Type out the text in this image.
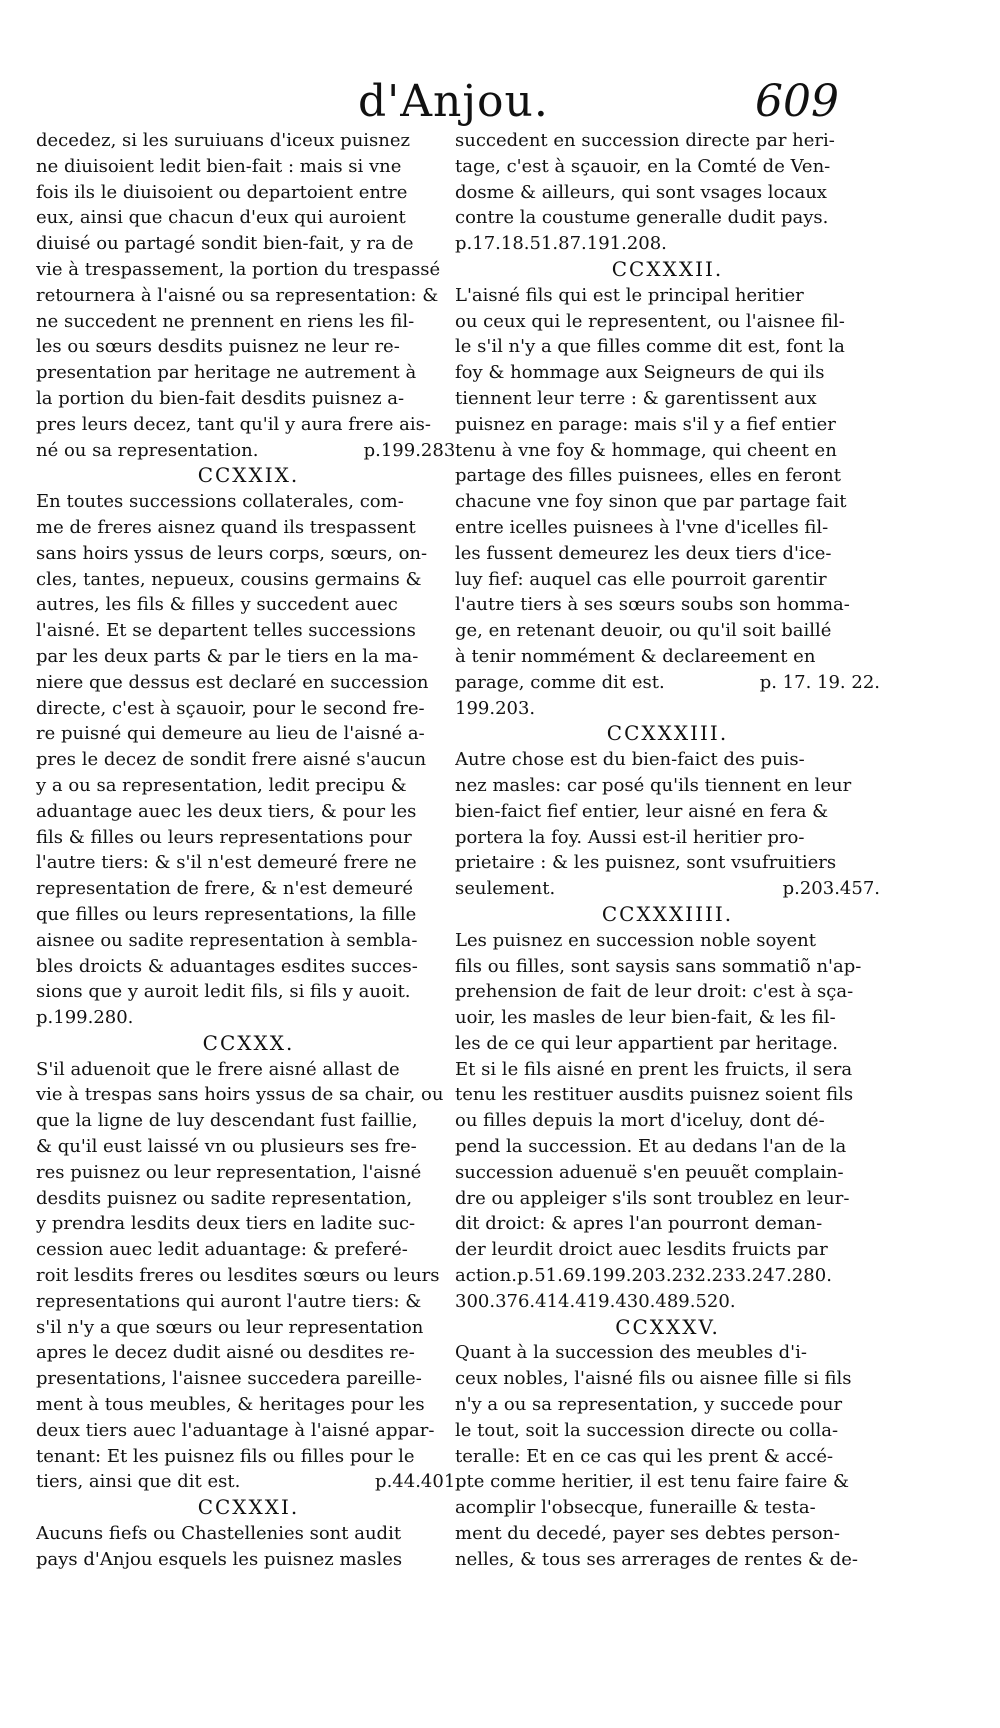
d'Anjou.	609
decedez, si les suruiuans d'iceux puisnez
ne diuisoient ledit bien-fait : mais si vne
fois ils le diuisoient ou departoient entre
eux, ainsi que chacun d'eux qui auroient
diuisé ou partagé sondit bien-fait, y ra de
vie à trespassement, la portion du trespassé
retournera à l'aisné ou sa representation: &
ne succedent ne prennent en riens les fil-
les ou sœurs desdits puisnez ne leur re-
presentation par heritage ne autrement à
la portion du bien-fait desdits puisnez a-
pres leurs decez, tant qu'il y aura frere ais-
né ou sa representation.	p.199.283.
CCXXIX.
En toutes successions collaterales, com-
me de freres aisnez quand ils trespassent
sans hoirs yssus de leurs corps, sœurs, on-
cles, tantes, nepueux, cousins germains &
autres, les fils & filles y succedent auec
l'aisné. Et se departent telles successions
par les deux parts & par le tiers en la ma-
niere que dessus est declaré en succession
directe, c'est à sçauoir, pour le second fre-
re puisné qui demeure au lieu de l'aisné a-
pres le decez de sondit frere aisné s'aucun
y a ou sa representation, ledit precipu &
aduantage auec les deux tiers, & pour les
fils & filles ou leurs representations pour
l'autre tiers: & s'il n'est demeuré frere ne
representation de frere, & n'est demeuré
que filles ou leurs representations, la fille
aisnee ou sadite representation à sembla-
bles droicts & aduantages esdites succes-
sions que y auroit ledit fils, si fils y auoit.
p.199.280.
CCXXX.
S'il aduenoit que le frere aisné allast de
vie à trespas sans hoirs yssus de sa chair, ou
que la ligne de luy descendant fust faillie,
& qu'il eust laissé vn ou plusieurs ses fre-
res puisnez ou leur representation, l'aisné
desdits puisnez ou sadite representation,
y prendra lesdits deux tiers en ladite suc-
cession auec ledit aduantage: & preferé-
roit lesdits freres ou lesdites sœurs ou leurs
representations qui auront l'autre tiers: &
s'il n'y a que sœurs ou leur representation
apres le decez dudit aisné ou desdites re-
presentations, l'aisnee succedera pareille-
ment à tous meubles, & heritages pour les
deux tiers auec l'aduantage à l'aisné appar-
tenant: Et les puisnez fils ou filles pour le
tiers, ainsi que dit est.	p.44.401.
CCXXXI.
Aucuns fiefs ou Chastellenies sont audit
pays d'Anjou esquels les puisnez masles
succedent en succession directe par heri-
tage, c'est à sçauoir, en la Comté de Ven-
dosme & ailleurs, qui sont vsages locaux
contre la coustume generalle dudit pays.
p.17.18.51.87.191.208.
CCXXXII.
L'aisné fils qui est le principal heritier
ou ceux qui le representent, ou l'aisnee fil-
le s'il n'y a que filles comme dit est, font la
foy & hommage aux Seigneurs de qui ils
tiennent leur terre : & garentissent aux
puisnez en parage: mais s'il y a fief entier
tenu à vne foy & hommage, qui cheent en
partage des filles puisnees, elles en feront
chacune vne foy sinon que par partage fait
entre icelles puisnees à l'vne d'icelles fil-
les fussent demeurez les deux tiers d'ice-
luy fief: auquel cas elle pourroit garentir
l'autre tiers à ses sœurs soubs son homma-
ge, en retenant deuoir, ou qu'il soit baillé
à tenir nommément & declareement en
parage, comme dit est.	p. 17. 19. 22.
199.203.
CCXXXIII.
Autre chose est du bien-faict des puis-
nez masles: car posé qu'ils tiennent en leur
bien-faict fief entier, leur aisné en fera &
portera la foy. Aussi est-il heritier pro-
prietaire : & les puisnez, sont vsufruitiers
seulement.	p.203.457.
CCXXXIIII.
Les puisnez en succession noble soyent
fils ou filles, sont saysis sans sommatiõ n'ap-
prehension de fait de leur droit: c'est à sça-
uoir, les masles de leur bien-fait, & les fil-
les de ce qui leur appartient par heritage.
Et si le fils aisné en prent les fruicts, il sera
tenu les restituer ausdits puisnez soient fils
ou filles depuis la mort d'iceluy, dont dé-
pend la succession. Et au dedans l'an de la
succession aduenuë s'en peuuẽt complain-
dre ou appleiger s'ils sont troublez en leur-
dit droict: & apres l'an pourront deman-
der leurdit droict auec lesdits fruicts par
action.p.51.69.199.203.232.233.247.280.
300.376.414.419.430.489.520.
CCXXXV.
Quant à la succession des meubles d'i-
ceux nobles, l'aisné fils ou aisnee fille si fils
n'y a ou sa representation, y succede pour
le tout, soit la succession directe ou colla-
teralle: Et en ce cas qui les prent & accé-
pte comme heritier, il est tenu faire faire &
acomplir l'obsecque, funeraille & testa-
ment du decedé, payer ses debtes person-
nelles, & tous ses arrerages de rentes & de-
